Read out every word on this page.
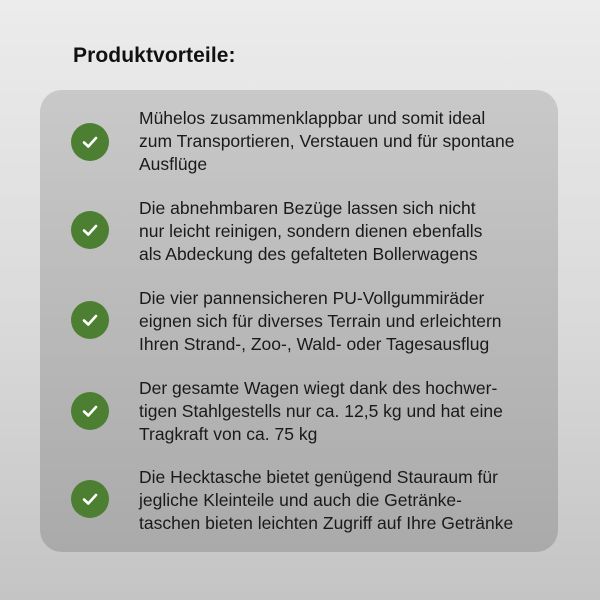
Produktvorteile:
Mühelos zusammenklappbar und somit ideal
zum Transportieren, Verstauen und für spontane
Ausflüge
Die abnehmbaren Bezüge lassen sich nicht
nur leicht reinigen, sondern dienen ebenfalls
als Abdeckung des gefalteten Bollerwagens
Die vier pannensicheren PU-Vollgummiräder
eignen sich für diverses Terrain und erleichtern
Ihren Strand-, Zoo-, Wald- oder Tagesausflug
Der gesamte Wagen wiegt dank des hochwer-
tigen Stahlgestells nur ca. 12,5 kg und hat eine
Tragkraft von ca. 75 kg
Die Hecktasche bietet genügend Stauraum für
jegliche Kleinteile und auch die Getränke-
taschen bieten leichten Zugriff auf Ihre Getränke
